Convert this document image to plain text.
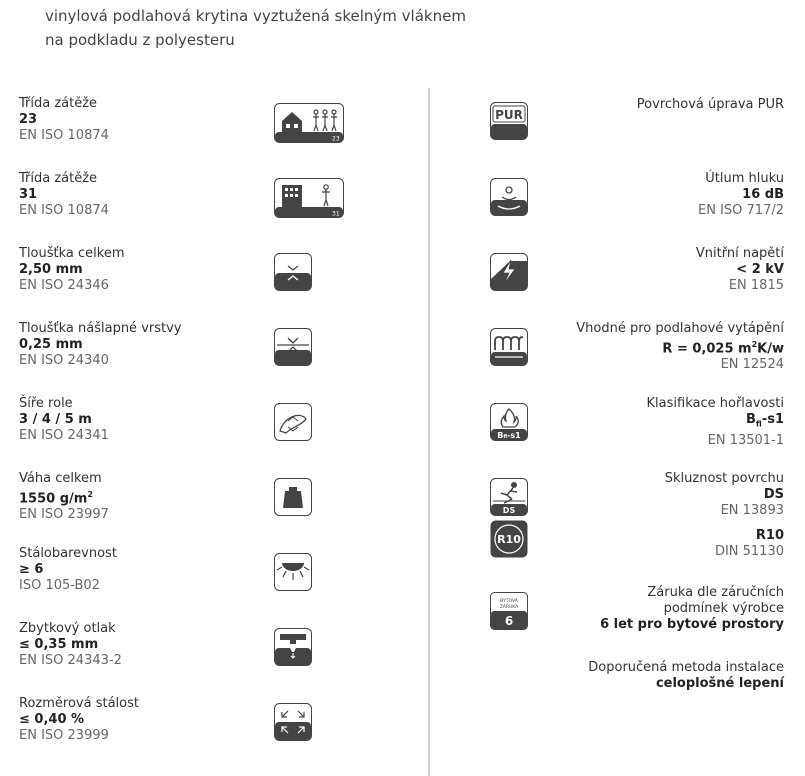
vinylová podlahová krytina vyztužená skelným vláknem
na podkladu z polyesteru
Třída zátěže
23
EN ISO 10874	23
Třída zátěže
31
EN ISO 10874	31
Tloušťka celkem
2,50 mm
EN ISO 24346
Tloušťka nášlapné vrstvy
0,25 mm
EN ISO 24340
Šíře role
3 / 4 / 5 m
EN ISO 24341
Váha celkem
1550 $g/m^2$
EN ISO 23997
Stálobarevnost
≥ 6
ISO 105-B02
Zbytkový otlak
≤ 0,35 mm
EN ISO 24343-2
Rozměrová stálost
≤ 0,40 %
EN ISO 23999
PUR
Povrchová úprava PUR
Útlum hluku
16 dB
EN ISO 717/2
Vnitřní napětí
< 2 kV
EN 1815
Vhodné pro podlahové vytápění
R = 0,025 $m^2K/w$
EN 12524
Bfl-s1
Klasifikace hořlavosti
$B_{fl}-s1$
EN 13501-1
DS
Skluznost povrchu
DS
EN 13893
R10	R10
DIN 51130
BYTOVÁ
ZÁRUKA
6
Záruka dle záručních
podmínek výrobce
6 let pro bytové prostory
Doporučená metoda instalace
celoplošné lepení
